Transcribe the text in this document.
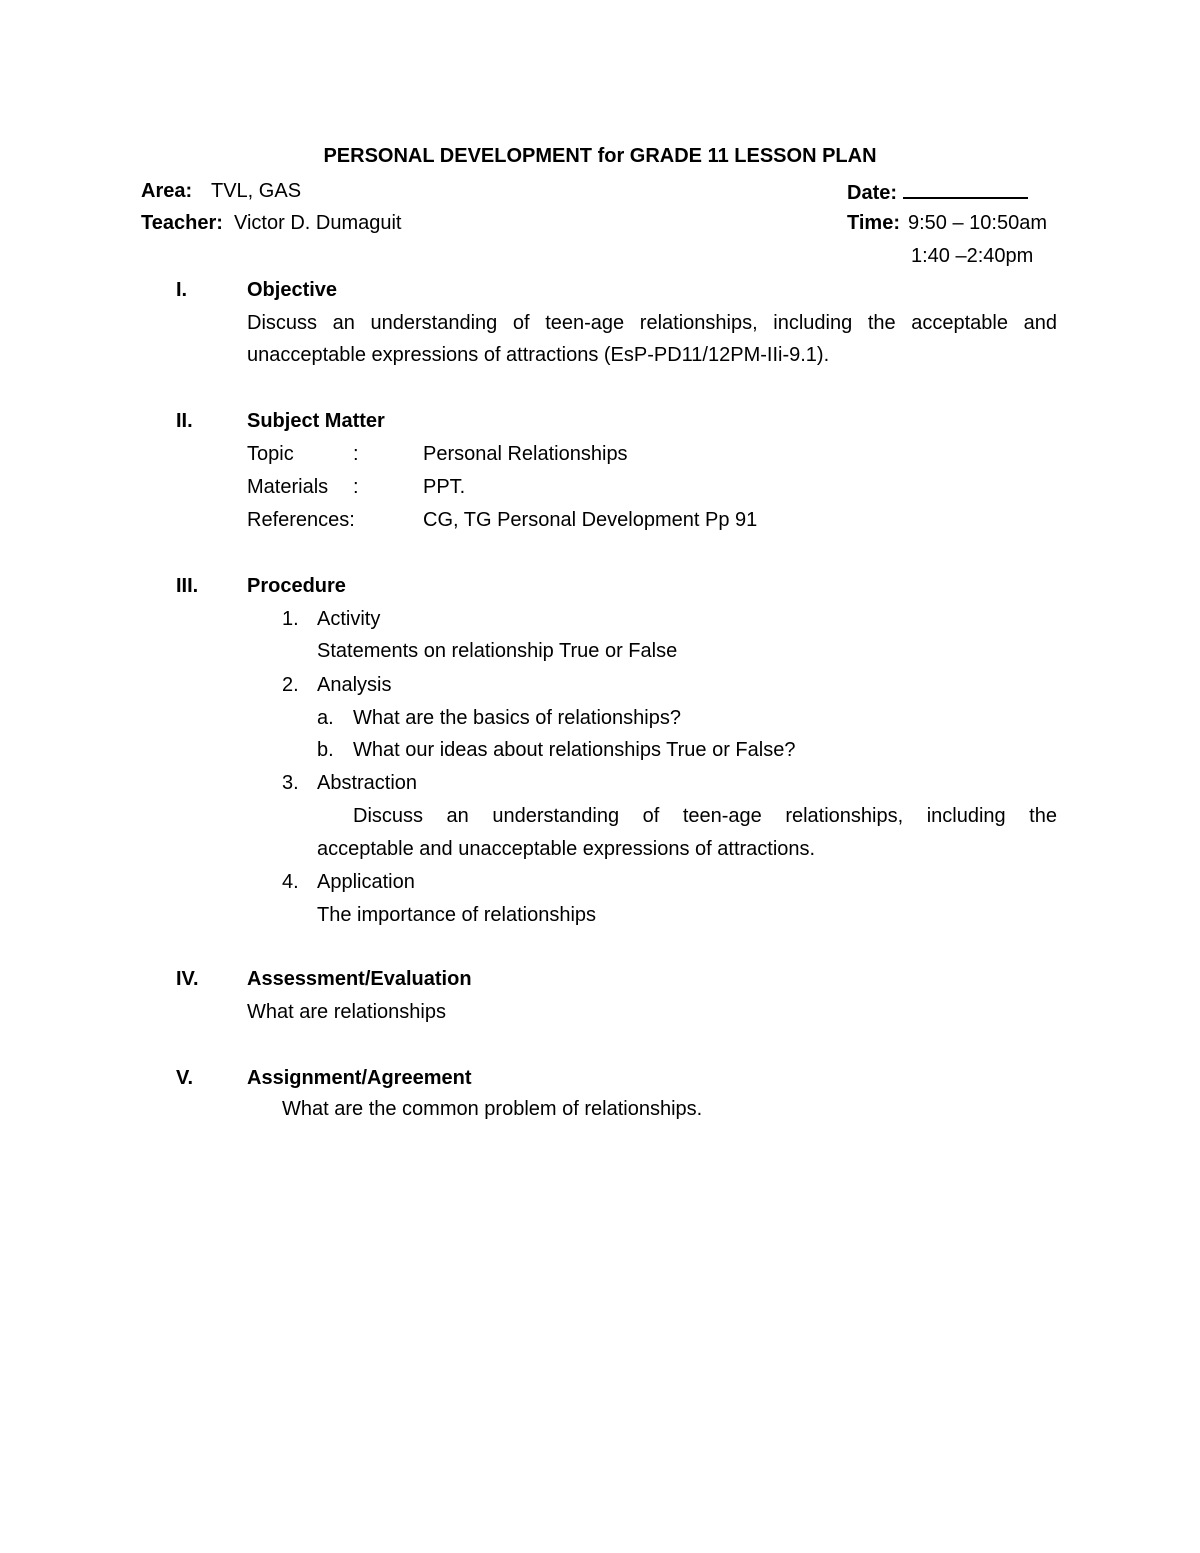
PERSONAL DEVELOPMENT for GRADE 11 LESSON PLAN
Area: TVL, GAS	Date:
Teacher: Victor D. Dumaguit	Time: 9:50 – 10:50am
1:40 –2:40pm
I.	Objective
Discuss an understanding of teen-age relationships, including the acceptable and
unacceptable expressions of attractions (EsP-PD11/12PM-IIi-9.1).
II.	Subject Matter
Topic	:	Personal Relationships
Materials :	PPT.
References:	CG, TG Personal Development Pp 91
III. Procedure
1. Activity
Statements on relationship True or False
2. Analysis
a. What are the basics of relationships?
b. What our ideas about relationships True or False?
3. Abstraction
Discuss an understanding of teen-age relationships, including the
acceptable and unacceptable expressions of attractions.
4. Application
The importance of relationships
IV. Assessment/Evaluation
What are relationships
V.	Assignment/Agreement
What are the common problem of relationships.
